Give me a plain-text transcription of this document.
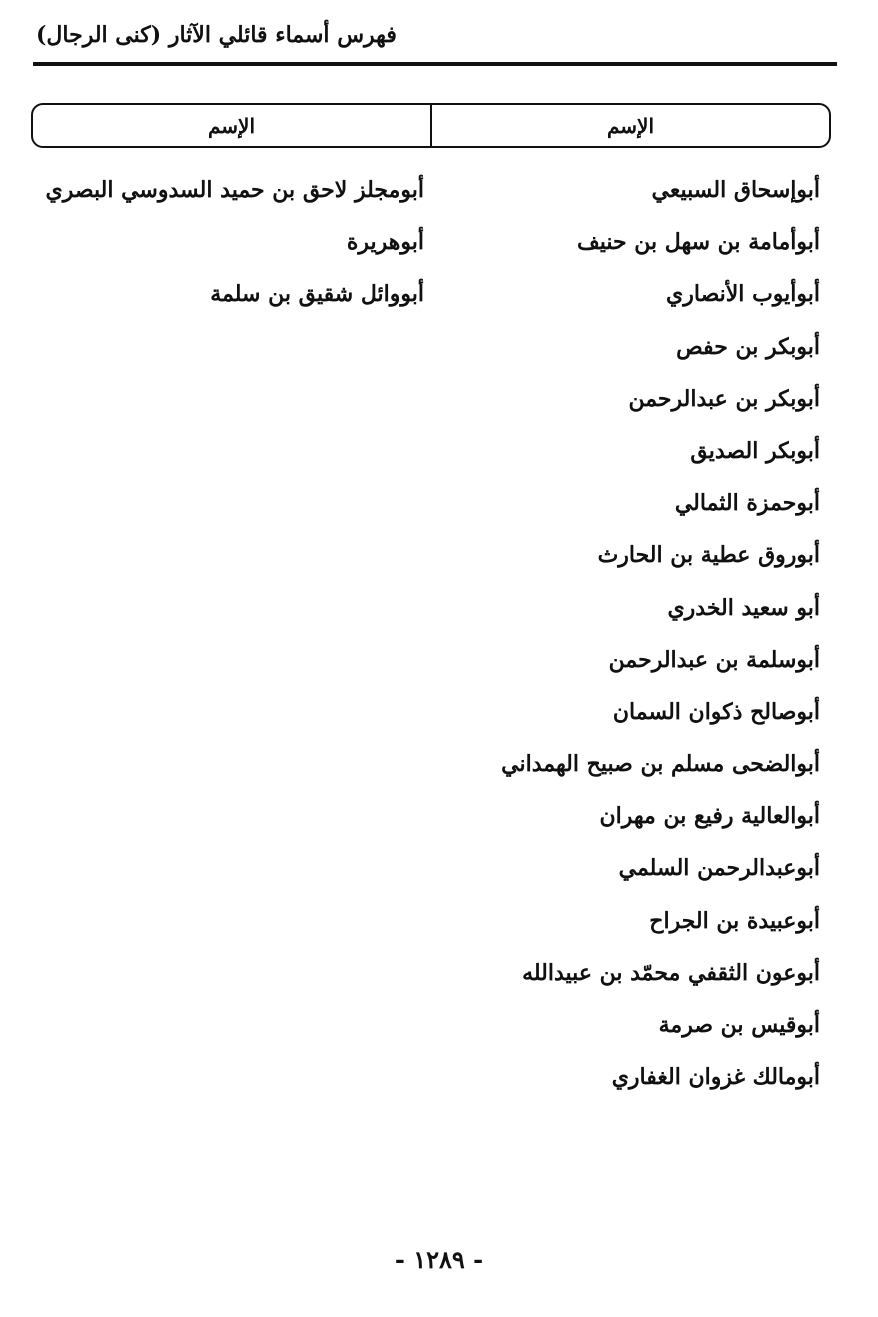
فهرس أسماء قائلي الآثار (كنى الرجال)
الإسم	الإسم
أبوإسحاق السبيعي
أبوأمامة بن سهل بن حنيف
أبوأيوب الأنصاري
أبوبكر بن حفص
أبوبكر بن عبدالرحمن
أبوبكر الصديق
أبوحمزة الثمالي
أبوروق عطية بن الحارث
أبو سعيد الخدري
أبوسلمة بن عبدالرحمن
أبوصالح ذكوان السمان
أبوالضحى مسلم بن صبيح الهمداني
أبوالعالية رفيع بن مهران
أبوعبدالرحمن السلمي
أبوعبيدة بن الجراح
أبوعون الثقفي محمّد بن عبيدالله
أبوقيس بن صرمة
أبومالك غزوان الغفاري
أبومجلز لاحق بن حميد السدوسي البصري
أبوهريرة
أبووائل شقيق بن سلمة
- ١٢٨٩ -
